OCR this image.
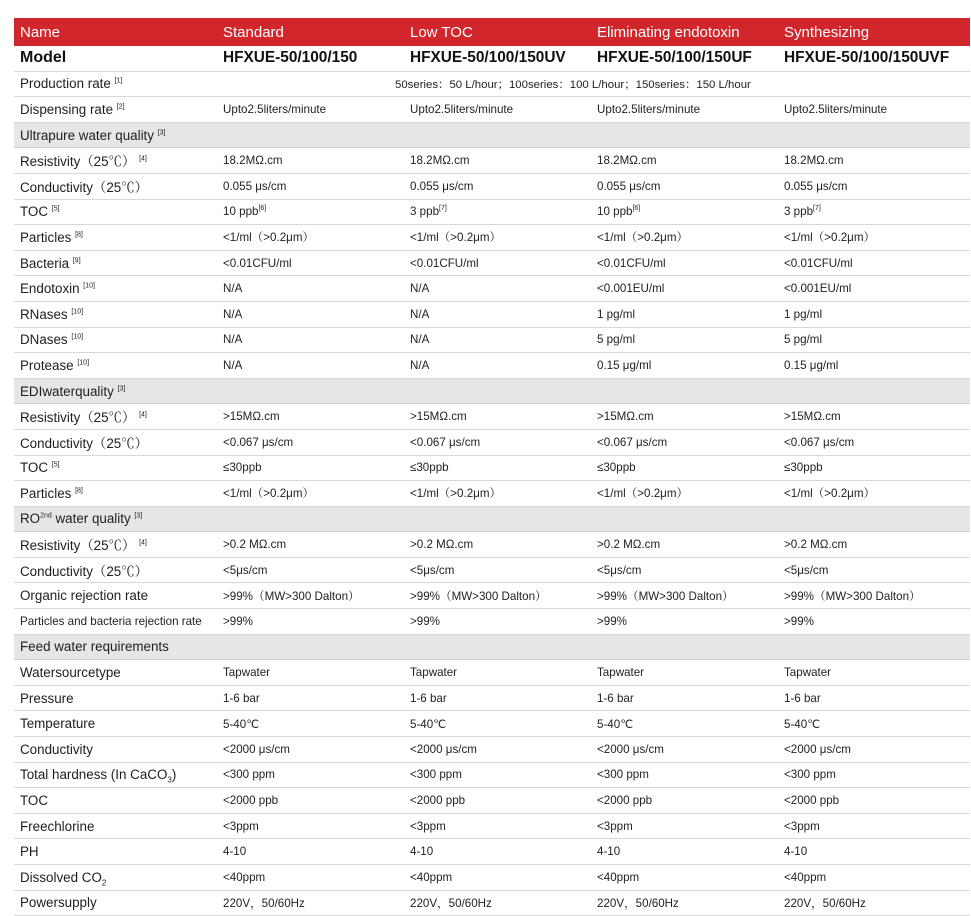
Name	Standard	Low TOC	Eliminating endotoxin	Synthesizing
Model	HFXUE-50/100/150	HFXUE-50/100/150UV	HFXUE-50/100/150UF	HFXUE-50/100/150UVF
Production rate [1]	50series：50 L/hour；100series：100 L/hour；150series：150 L/hour			
Dispensing rate [2]	Upto2.5liters/minute	Upto2.5liters/minute	Upto2.5liters/minute	Upto2.5liters/minute
Ultrapure water quality [3]
Resistivity（25℃） [4]	18.2MΩ.cm	18.2MΩ.cm	18.2MΩ.cm	18.2MΩ.cm
Conductivity（25℃）	0.055 μs/cm	0.055 μs/cm	0.055 μs/cm	0.055 μs/cm
TOC [5]	10 ppb[6]	3 ppb[7]	10 ppb[6]	3 ppb[7]
Particles [8]	<1/ml（>0.2μm）	<1/ml（>0.2μm）	<1/ml（>0.2μm）	<1/ml（>0.2μm）
Bacteria [9]	<0.01CFU/ml	<0.01CFU/ml	<0.01CFU/ml	<0.01CFU/ml
Endotoxin [10]	N/A	N/A	<0.001EU/ml	<0.001EU/ml
RNases [10]	N/A	N/A	1 pg/ml	1 pg/ml
DNases [10]	N/A	N/A	5 pg/ml	5 pg/ml
Protease [10]	N/A	N/A	0.15 μg/ml	0.15 μg/ml
EDIwaterquality [3]
Resistivity（25℃） [4]	>15MΩ.cm	>15MΩ.cm	>15MΩ.cm	>15MΩ.cm
Conductivity（25℃）	<0.067 μs/cm	<0.067 μs/cm	<0.067 μs/cm	<0.067 μs/cm
TOC [5]	≤30ppb	≤30ppb	≤30ppb	≤30ppb
Particles [8]	<1/ml（>0.2μm）	<1/ml（>0.2μm）	<1/ml（>0.2μm）	<1/ml（>0.2μm）
RO$^{2nd}$ water quality [3]
Resistivity（25℃） [4]	>0.2 MΩ.cm	>0.2 MΩ.cm	>0.2 MΩ.cm	>0.2 MΩ.cm
Conductivity（25℃）	<5μs/cm	<5μs/cm	<5μs/cm	<5μs/cm
Organic rejection rate	>99%（MW>300 Dalton）	>99%（MW>300 Dalton）	>99%（MW>300 Dalton）	>99%（MW>300 Dalton）
Particles and bacteria rejection rate	>99%	>99%	>99%	>99%
Feed water requirements				
Watersourcetype	Tapwater	Tapwater	Tapwater	Tapwater
Pressure	1-6 bar	1-6 bar	1-6 bar	1-6 bar
Temperature	5-40℃	5-40℃	5-40℃	5-40℃
Conductivity	<2000 μs/cm	<2000 μs/cm	<2000 μs/cm	<2000 μs/cm
Total hardness (In CaCO$_3$)	<300 ppm	<300 ppm	<300 ppm	<300 ppm
TOC	<2000 ppb	<2000 ppb	<2000 ppb	<2000 ppb
Freechlorine	<3ppm	<3ppm	<3ppm	<3ppm
PH	4-10	4-10	4-10	4-10
Dissolved $CO_2$	<40ppm	<40ppm	<40ppm	<40ppm
Powersupply	220V，50/60Hz	220V，50/60Hz	220V，50/60Hz	220V，50/60Hz
